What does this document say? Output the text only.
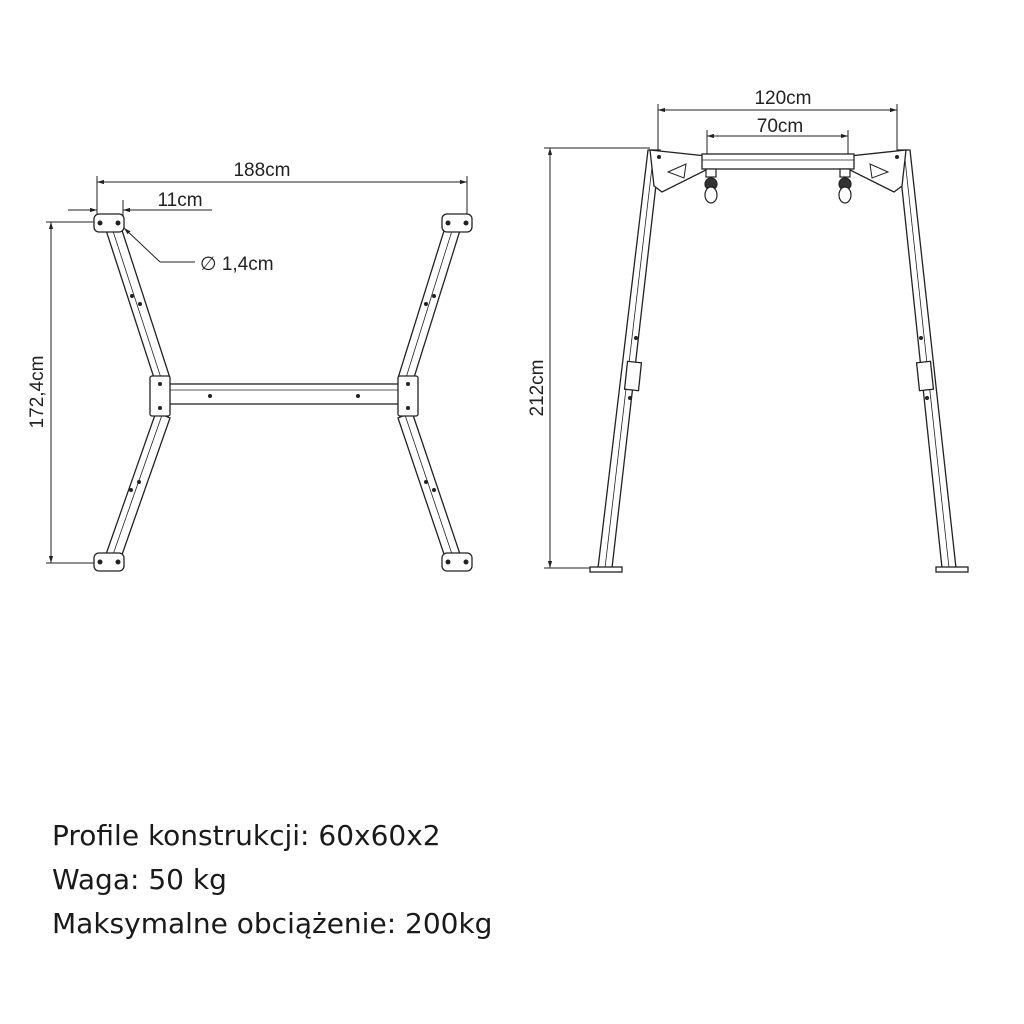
188cm
11cm
∅ 1,4cm
172,4cm
120cm
70cm
212cm
Profile konstrukcji: 60x60x2
Waga: 50 kg
Maksymalne obciążenie: 200kg
